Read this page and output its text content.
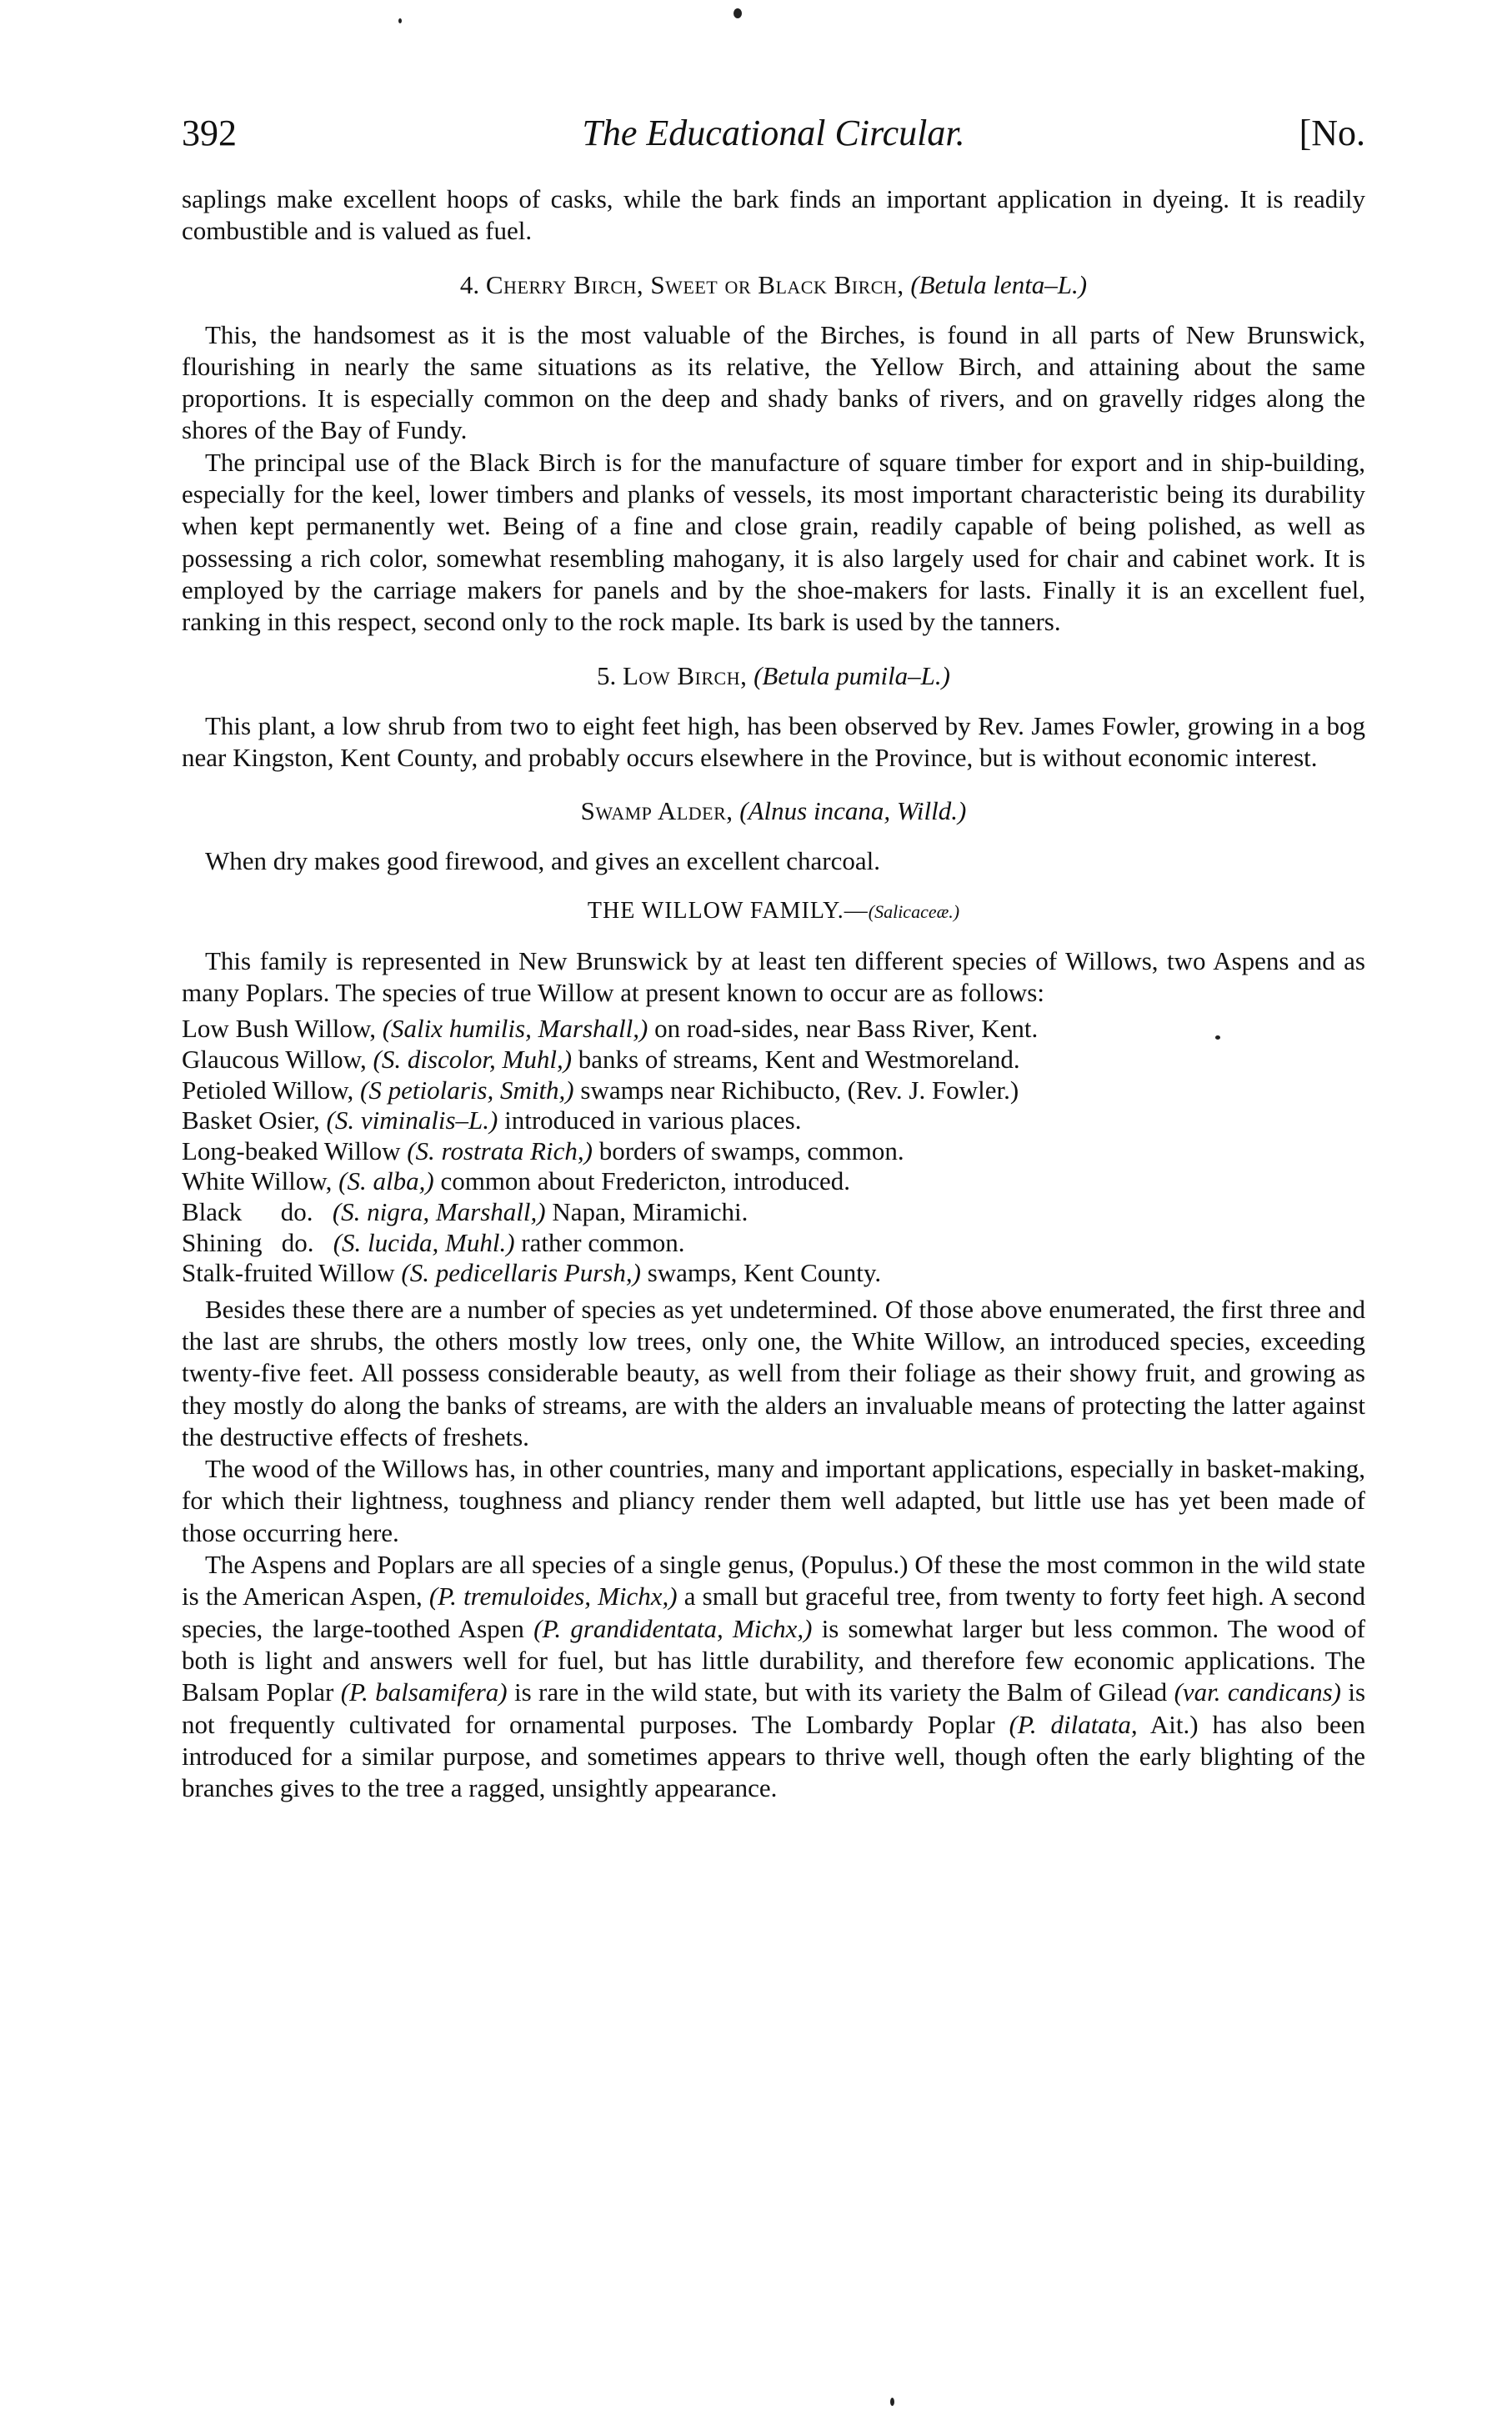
392	The Educational Circular.	[No.

saplings make excellent hoops of casks, while the bark finds an important application in dyeing. It is readily combustible and is valued as fuel.

4. Cherry Birch, Sweet or Black Birch, (Betula lenta–L.)

This, the handsomest as it is the most valuable of the Birches, is found in all parts of New Brunswick, flourishing in nearly the same situations as its relative, the Yellow Birch, and attaining about the same proportions. It is especially common on the deep and shady banks of rivers, and on gravelly ridges along the shores of the Bay of Fundy.

The principal use of the Black Birch is for the manufacture of square timber for export and in ship-building, especially for the keel, lower timbers and planks of vessels, its most important characteristic being its durability when kept permanently wet. Being of a fine and close grain, readily capable of being polished, as well as possessing a rich color, somewhat resembling mahogany, it is also largely used for chair and cabinet work. It is employed by the carriage makers for panels and by the shoe-makers for lasts. Finally it is an excellent fuel, ranking in this respect, second only to the rock maple. Its bark is used by the tanners.

5. Low Birch, (Betula pumila–L.)

This plant, a low shrub from two to eight feet high, has been observed by Rev. James Fowler, growing in a bog near Kingston, Kent County, and probably occurs elsewhere in the Province, but is without economic interest.

Swamp Alder, (Alnus incana, Willd.)

When dry makes good firewood, and gives an excellent charcoal.

THE WILLOW FAMILY.—(Salicaceæ.)

This family is represented in New Brunswick by at least ten different species of Willows, two Aspens and as many Poplars. The species of true Willow at present known to occur are as follows:

Low Bush Willow, (Salix humilis, Marshall,) on road-sides, near Bass River, Kent.
Glaucous Willow, (S. discolor, Muhl,) banks of streams, Kent and Westmoreland.
Petioled Willow, (S petiolaris, Smith,) swamps near Richibucto, (Rev. J. Fowler.)
Basket Osier, (S. viminalis–L.) introduced in various places.
Long-beaked Willow (S. rostrata Rich,) borders of swamps, common.
White Willow, (S. alba,) common about Fredericton, introduced.
Black      do. (S. nigra, Marshall,) Napan, Miramichi.
Shining   do. (S. lucida, Muhl.) rather common.
Stalk-fruited Willow (S. pedicellaris Pursh,) swamps, Kent County.

Besides these there are a number of species as yet undetermined. Of those above enumerated, the first three and the last are shrubs, the others mostly low trees, only one, the White Willow, an introduced species, exceeding twenty-five feet. All possess considerable beauty, as well from their foliage as their showy fruit, and growing as they mostly do along the banks of streams, are with the alders an invaluable means of protecting the latter against the destructive effects of freshets.

The wood of the Willows has, in other countries, many and important applications, especially in basket-making, for which their lightness, toughness and pliancy render them well adapted, but little use has yet been made of those occurring here.

The Aspens and Poplars are all species of a single genus, (Populus.) Of these the most common in the wild state is the American Aspen, (P. tremuloides, Michx,) a small but graceful tree, from twenty to forty feet high. A second species, the large-toothed Aspen (P. grandidentata, Michx,) is somewhat larger but less common. The wood of both is light and answers well for fuel, but has little durability, and therefore few economic applications. The Balsam Poplar (P. balsamifera) is rare in the wild state, but with its variety the Balm of Gilead (var. candicans) is not frequently cultivated for ornamental purposes. The Lombardy Poplar (P. dilatata, Ait.) has also been introduced for a similar purpose, and sometimes appears to thrive well, though often the early blighting of the branches gives to the tree a ragged, unsightly appearance.
